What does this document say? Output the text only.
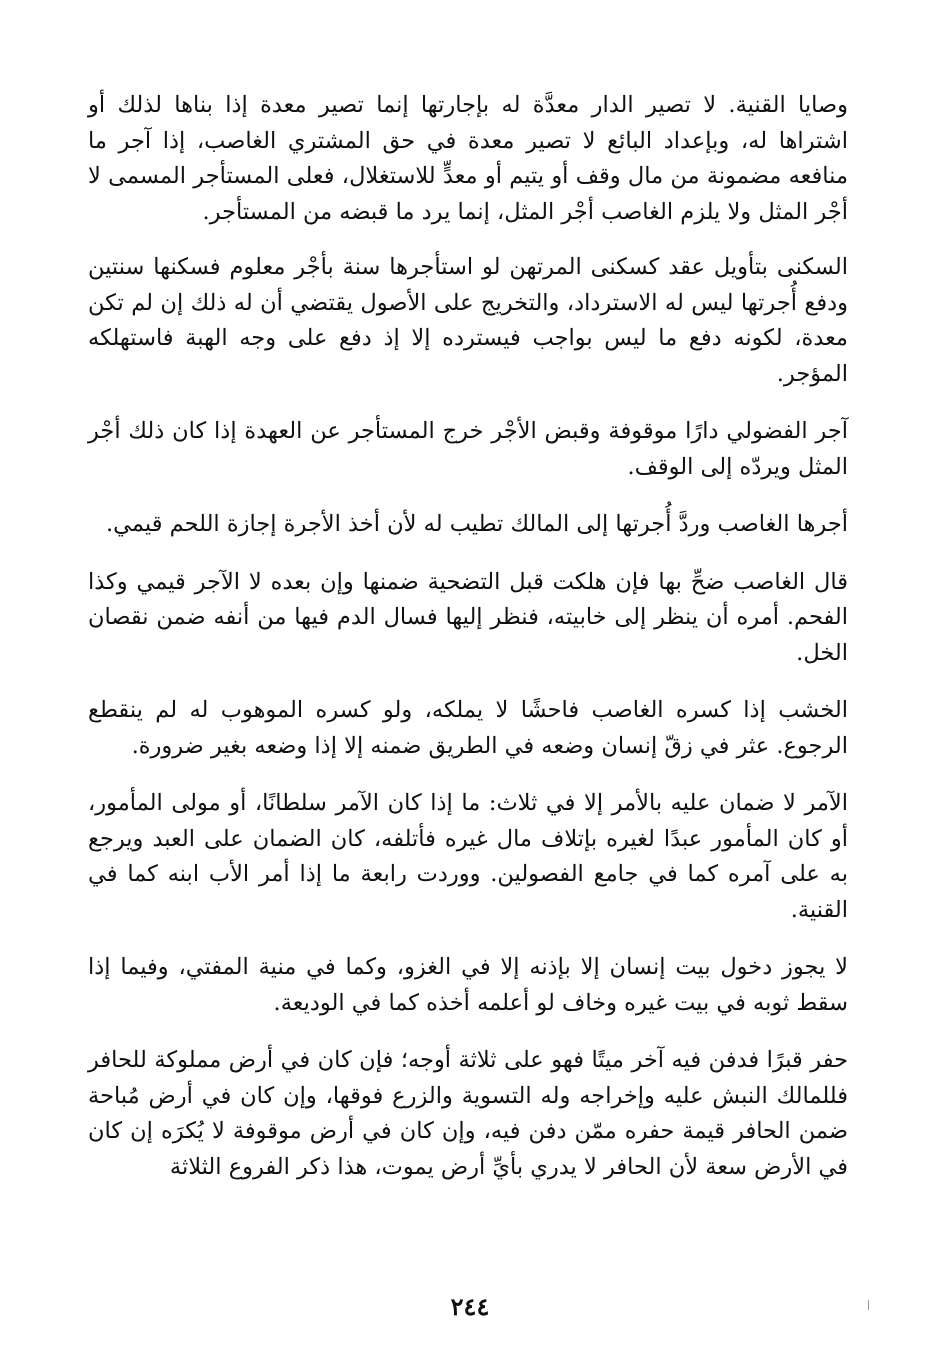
وصايا القنية. لا تصير الدار معدَّة له بإجارتها إنما تصير معدة إذا بناها لذلك أو اشتراها له، وبإعداد البائع لا تصير معدة في حق المشتري الغاصب، إذا آجر ما منافعه مضمونة من مال وقف أو يتيم أو معدٍّ للاستغلال، فعلى المستأجر المسمى لا أجْر المثل ولا يلزم الغاصب أجْر المثل، إنما يرد ما قبضه من المستأجر.

السكنى بتأويل عقد كسكنى المرتهن لو استأجرها سنة بأجْر معلوم فسكنها سنتين ودفع أُجرتها ليس له الاسترداد، والتخريج على الأصول يقتضي أن له ذلك إن لم تكن معدة، لكونه دفع ما ليس بواجب فيسترده إلا إذ دفع على وجه الهبة فاستهلكه المؤجر.

آجر الفضولي دارًا موقوفة وقبض الأجْر خرج المستأجر عن العهدة إذا كان ذلك أجْر المثل ويردّه إلى الوقف.

أجرها الغاصب وردَّ أُجرتها إلى المالك تطيب له لأن أخذ الأجرة إجازة اللحم قيمي.

قال الغاصب ضحِّ بها فإن هلكت قبل التضحية ضمنها وإن بعده لا الآجر قيمي وكذا الفحم. أمره أن ينظر إلى خابيته، فنظر إليها فسال الدم فيها من أنفه ضمن نقصان الخل.

الخشب إذا كسره الغاصب فاحشًا لا يملكه، ولو كسره الموهوب له لم ينقطع الرجوع. عثر في زقّ إنسان وضعه في الطريق ضمنه إلا إذا وضعه بغير ضرورة.

الآمر لا ضمان عليه بالأمر إلا في ثلاث: ما إذا كان الآمر سلطانًا، أو مولى المأمور، أو كان المأمور عبدًا لغيره بإتلاف مال غيره فأتلفه، كان الضمان على العبد ويرجع به على آمره كما في جامع الفصولين. ووردت رابعة ما إذا أمر الأب ابنه كما في القنية.

لا يجوز دخول بيت إنسان إلا بإذنه إلا في الغزو، وكما في منية المفتي، وفيما إذا سقط ثوبه في بيت غيره وخاف لو أعلمه أخذه كما في الوديعة.

حفر قبرًا فدفن فيه آخر ميتًا فهو على ثلاثة أوجه؛ فإن كان في أرض مملوكة للحافر فللمالك النبش عليه وإخراجه وله التسوية والزرع فوقها، وإن كان في أرض مُباحة ضمن الحافر قيمة حفره ممّن دفن فيه، وإن كان في أرض موقوفة لا يُكرَه إن كان في الأرض سعة لأن الحافر لا يدري بأيِّ أرض يموت، هذا ذكر الفروع الثلاثة

٢٤٤
